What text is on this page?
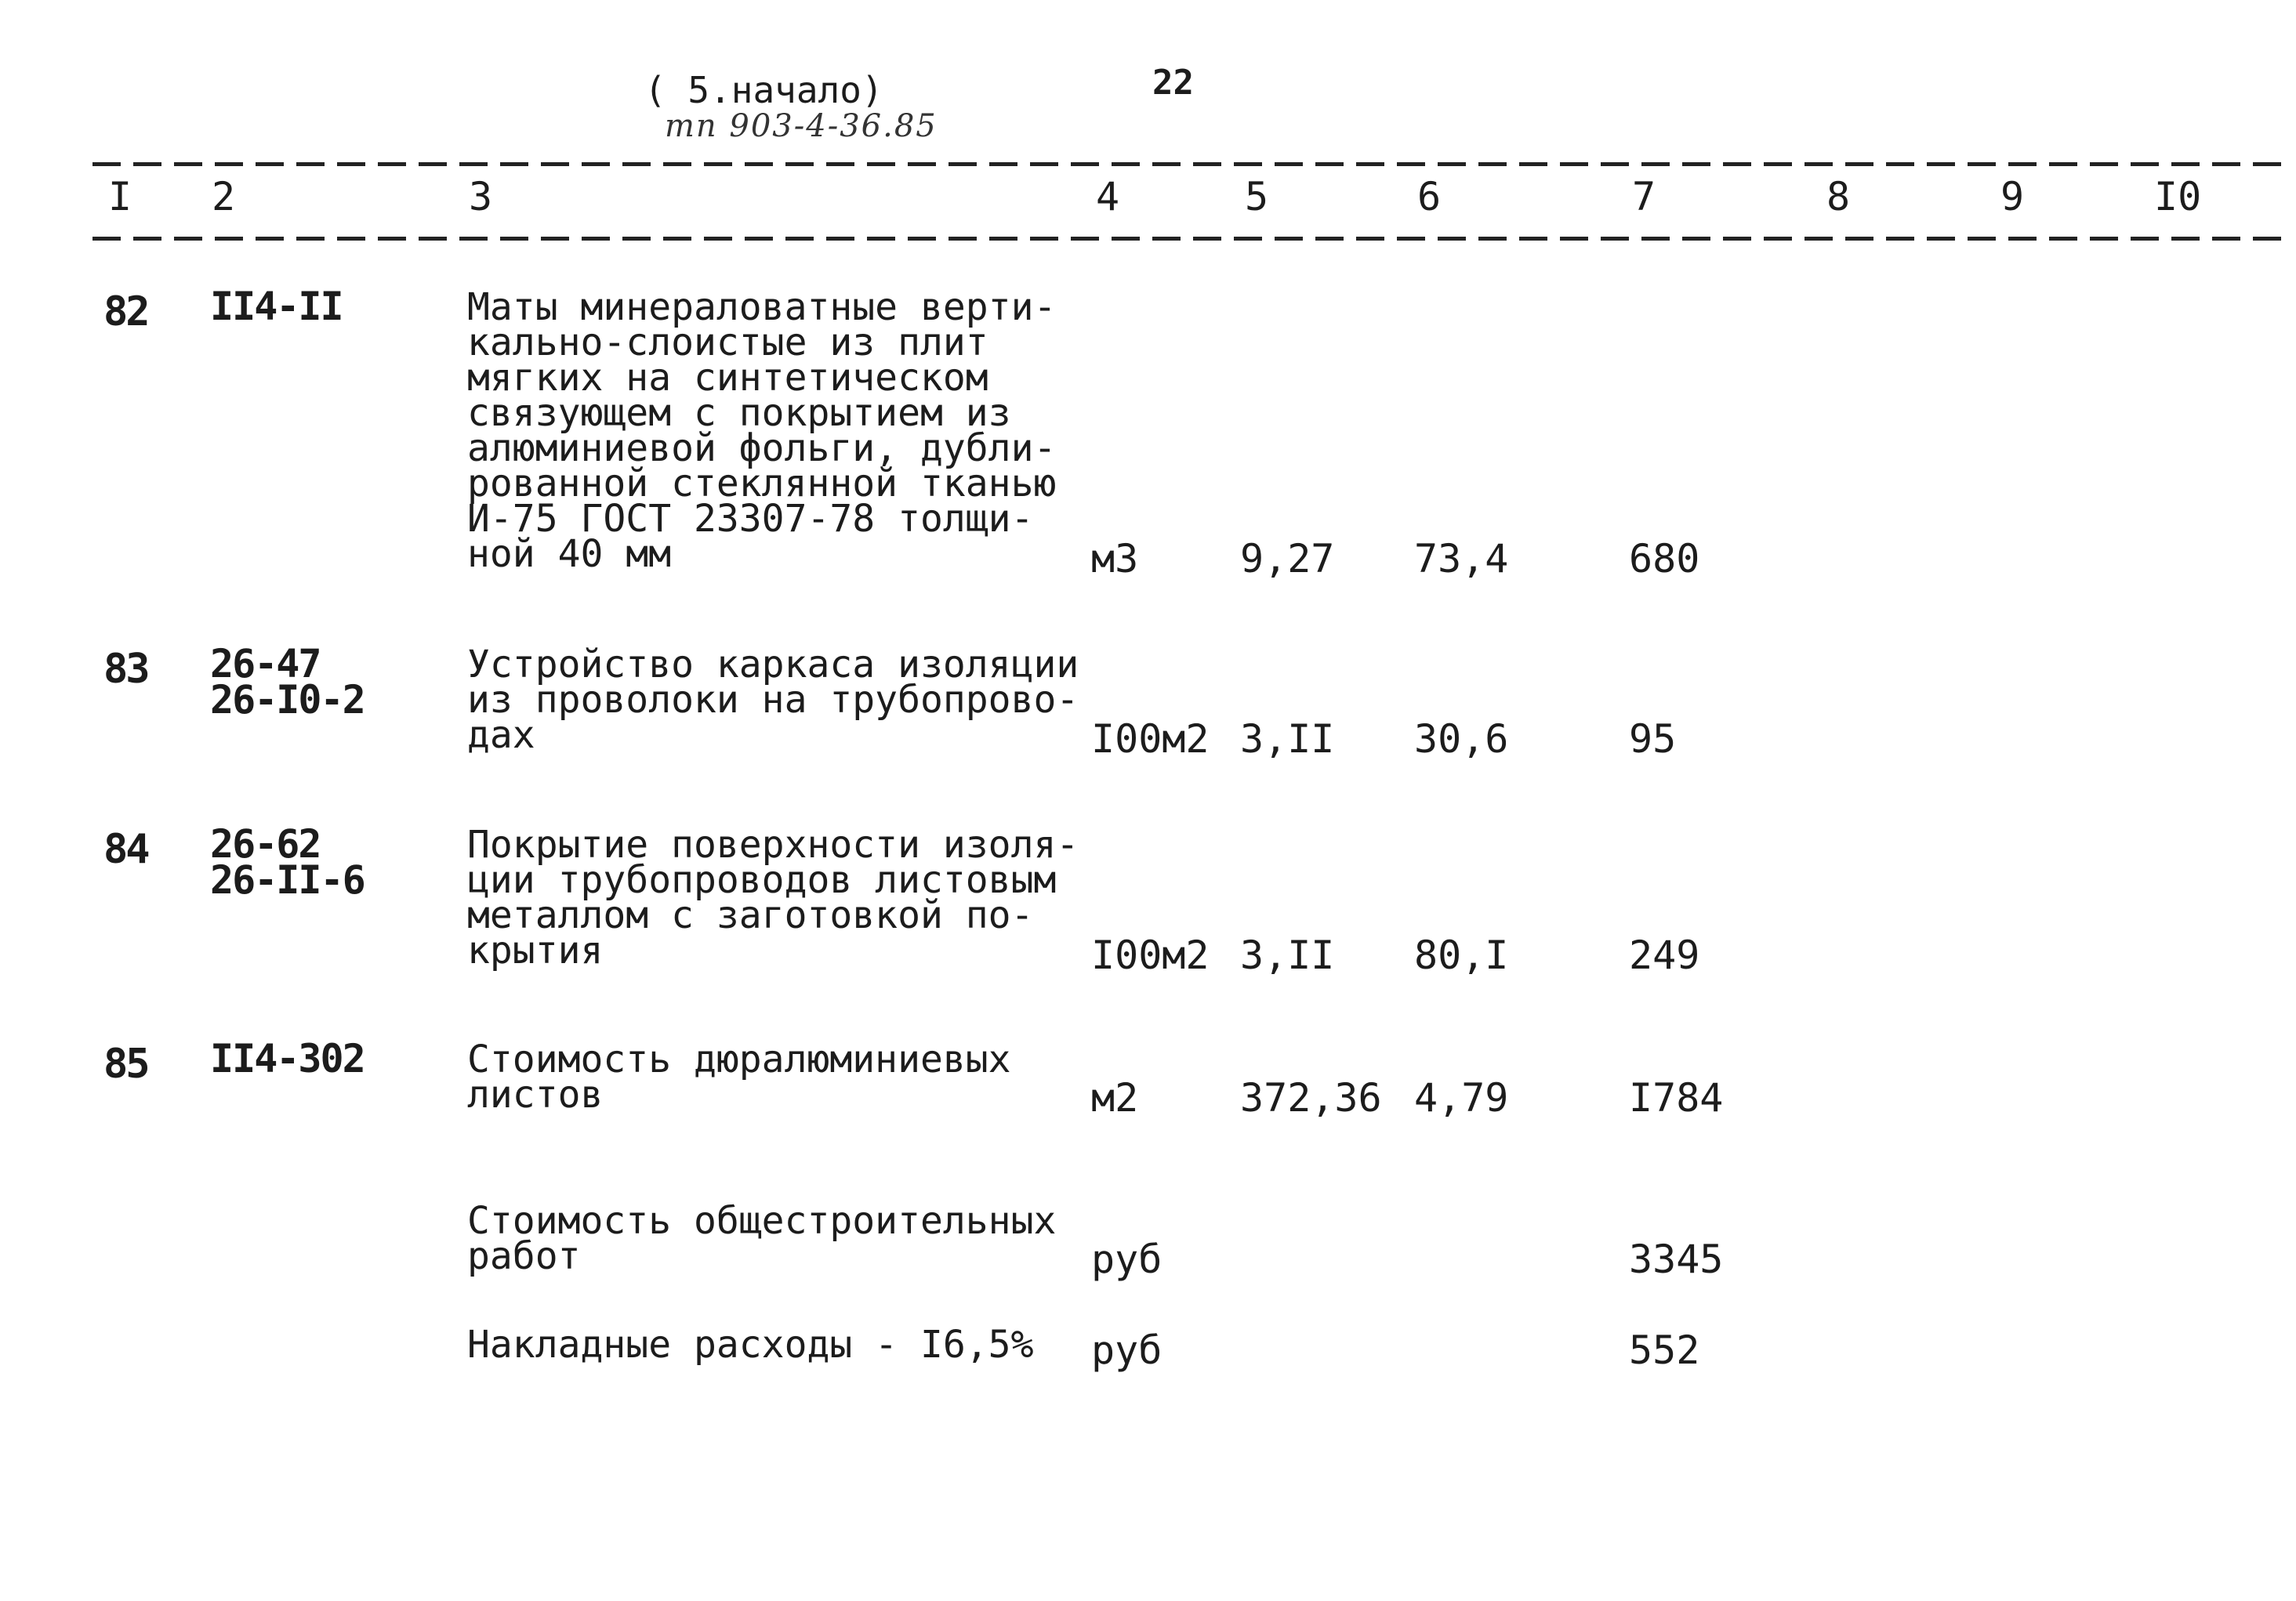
( 5.начало)
тп 903-4-36.85
22
I 2	3	4	5	6	7	8	9	I0
82 II4-II	Маты минераловатные верти-
кально-слоистые из плит
мягких на синтетическом
связующем с покрытием из
алюминиевой фольги, дубли-
рованной стеклянной тканью
И-75 ГОСТ 23307-78 толщи-
ной 40 мм	м3	9,27 73,4	680
83 26-47
26-I0-2
Устройство каркаса изоляции
из проволоки на трубопрово-
дах	I00м2 3,II 30,6	95
84 26-62
26-II-6
Покрытие поверхности изоля-
ции трубопроводов листовым
металлом с заготовкой по-
крытия	I00м2 3,II 80,I	249
85 II4-302	Стоимость дюралюминиевых
листов	м2	372,36 4,79	I784
Стоимость общестроительных
работ	руб	3345
Накладные расходы - I6,5% руб	552
